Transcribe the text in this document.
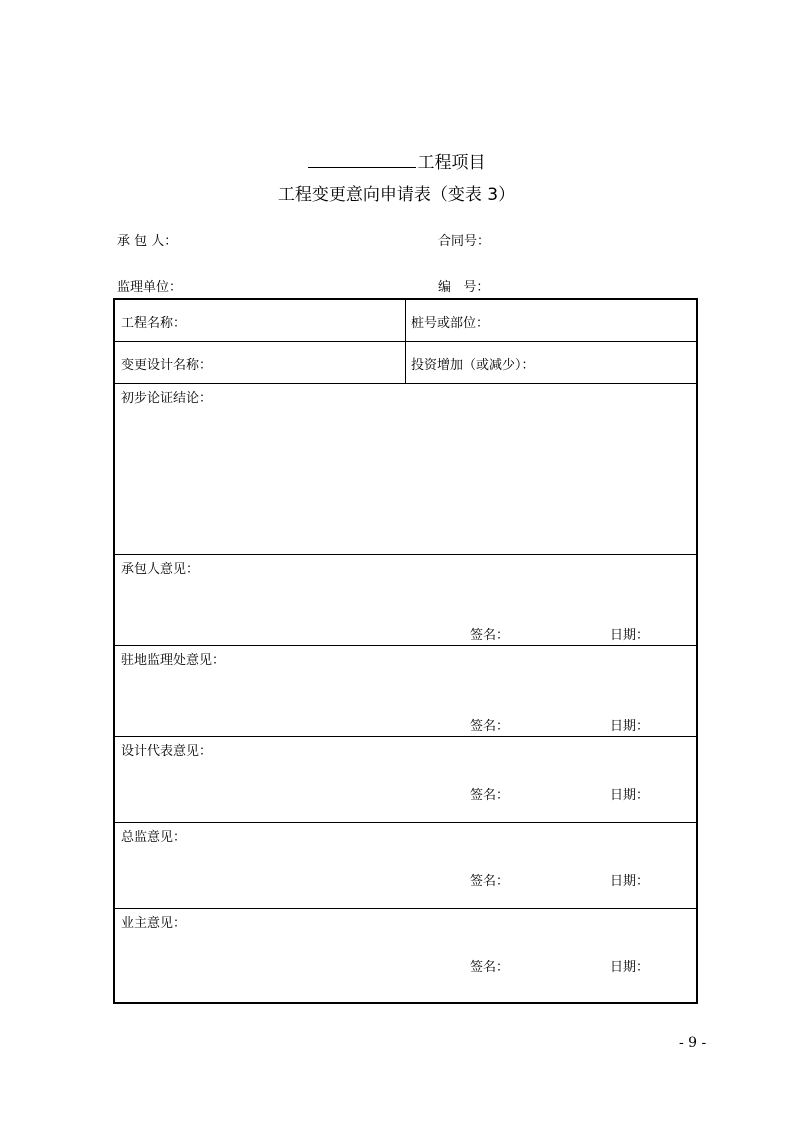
工程项目
工程变更意向申请表（变表 3）
承 包 人：	合同号：
监理单位：	编   号：
工程名称：	桩号或部位：
变更设计名称：	投资增加（或减少）：
初步论证结论：
承包人意见：
签名：	日期：
驻地监理处意见：
签名：	日期：
设计代表意见：
签名：	日期：
总监意见：
签名：	日期：
业主意见：
签名：	日期：
- 9 -
